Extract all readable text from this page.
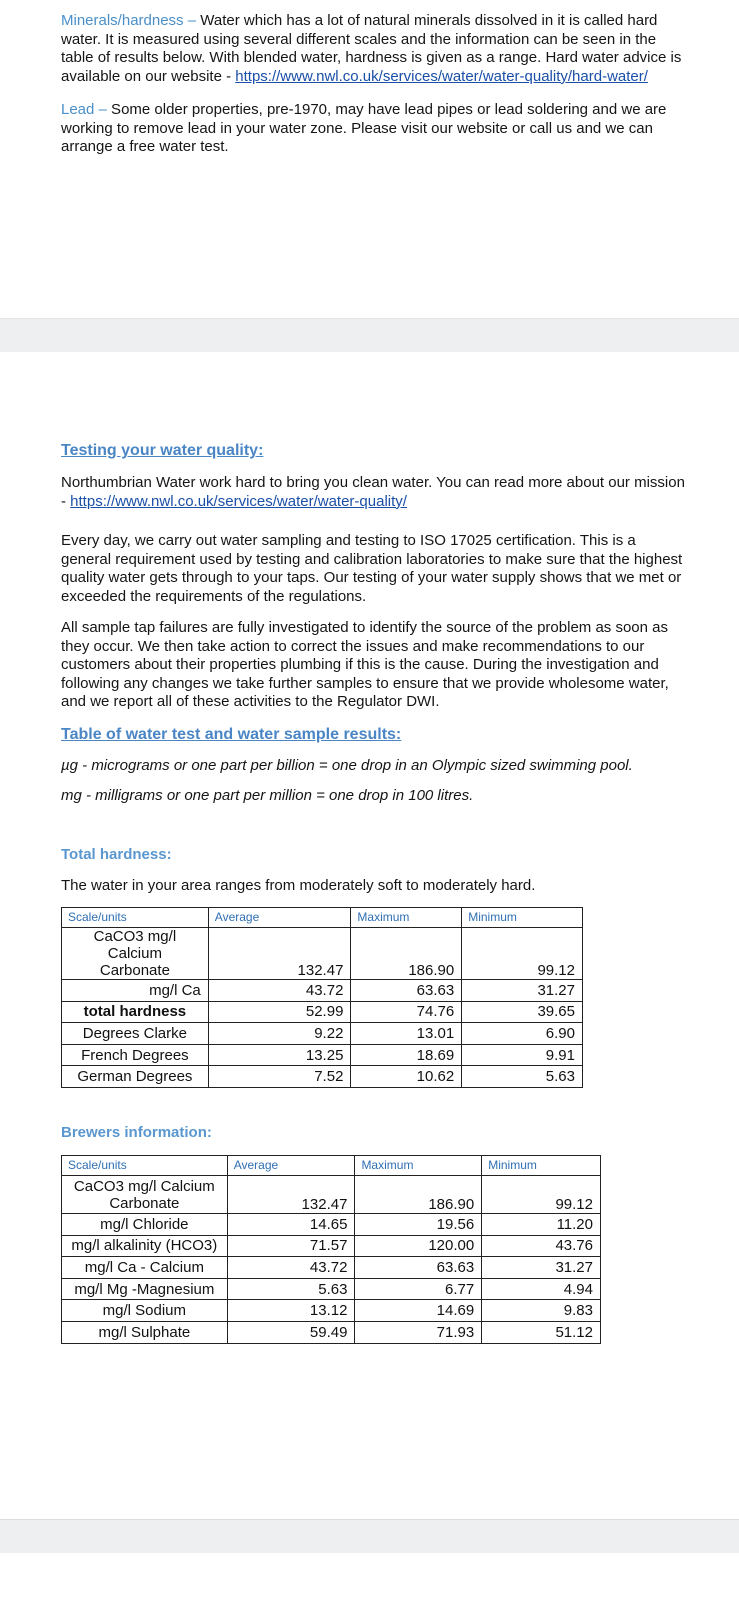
Minerals/hardness – Water which has a lot of natural minerals dissolved in it is called hard water. It is measured using several different scales and the information can be seen in the table of results below. With blended water, hardness is given as a range. Hard water advice is available on our website - https://www.nwl.co.uk/services/water/water-quality/hard-water/

Lead – Some older properties, pre-1970, may have lead pipes or lead soldering and we are working to remove lead in your water zone. Please visit our website or call us and we can arrange a free water test.

Testing your water quality:

Northumbrian Water work hard to bring you clean water. You can read more about our mission - https://www.nwl.co.uk/services/water/water-quality/

Every day, we carry out water sampling and testing to ISO 17025 certification. This is a general requirement used by testing and calibration laboratories to make sure that the highest quality water gets through to your taps. Our testing of your water supply shows that we met or exceeded the requirements of the regulations.

All sample tap failures are fully investigated to identify the source of the problem as soon as they occur. We then take action to correct the issues and make recommendations to our customers about their properties plumbing if this is the cause. During the investigation and following any changes we take further samples to ensure that we provide wholesome water, and we report all of these activities to the Regulator DWI.

Table of water test and water sample results:
µg - micrograms or one part per billion = one drop in an Olympic sized swimming pool.
mg - milligrams or one part per million = one drop in 100 litres.
Total hardness:
The water in your area ranges from moderately soft to moderately hard.
Brewers information:
Scale/units	Average	Maximum	Minimum
CaCO3 mg/l Calcium Carbonate	132.47	186.90	99.12
mg/l Ca	43.72	63.63	31.27
total hardness	52.99	74.76	39.65
Degrees Clarke	9.22	13.01	6.90
French Degrees	13.25	18.69	9.91
German Degrees	7.52	10.62	5.63
Scale/units	Average	Maximum	Minimum
CaCO3 mg/l Calcium Carbonate	132.47	186.90	99.12
mg/l Chloride	14.65	19.56	11.20
mg/l alkalinity (HCO3)	71.57	120.00	43.76
mg/l Ca - Calcium	43.72	63.63	31.27
mg/l Mg -Magnesium	5.63	6.77	4.94
mg/l Sodium	13.12	14.69	9.83
mg/l Sulphate	59.49	71.93	51.12
